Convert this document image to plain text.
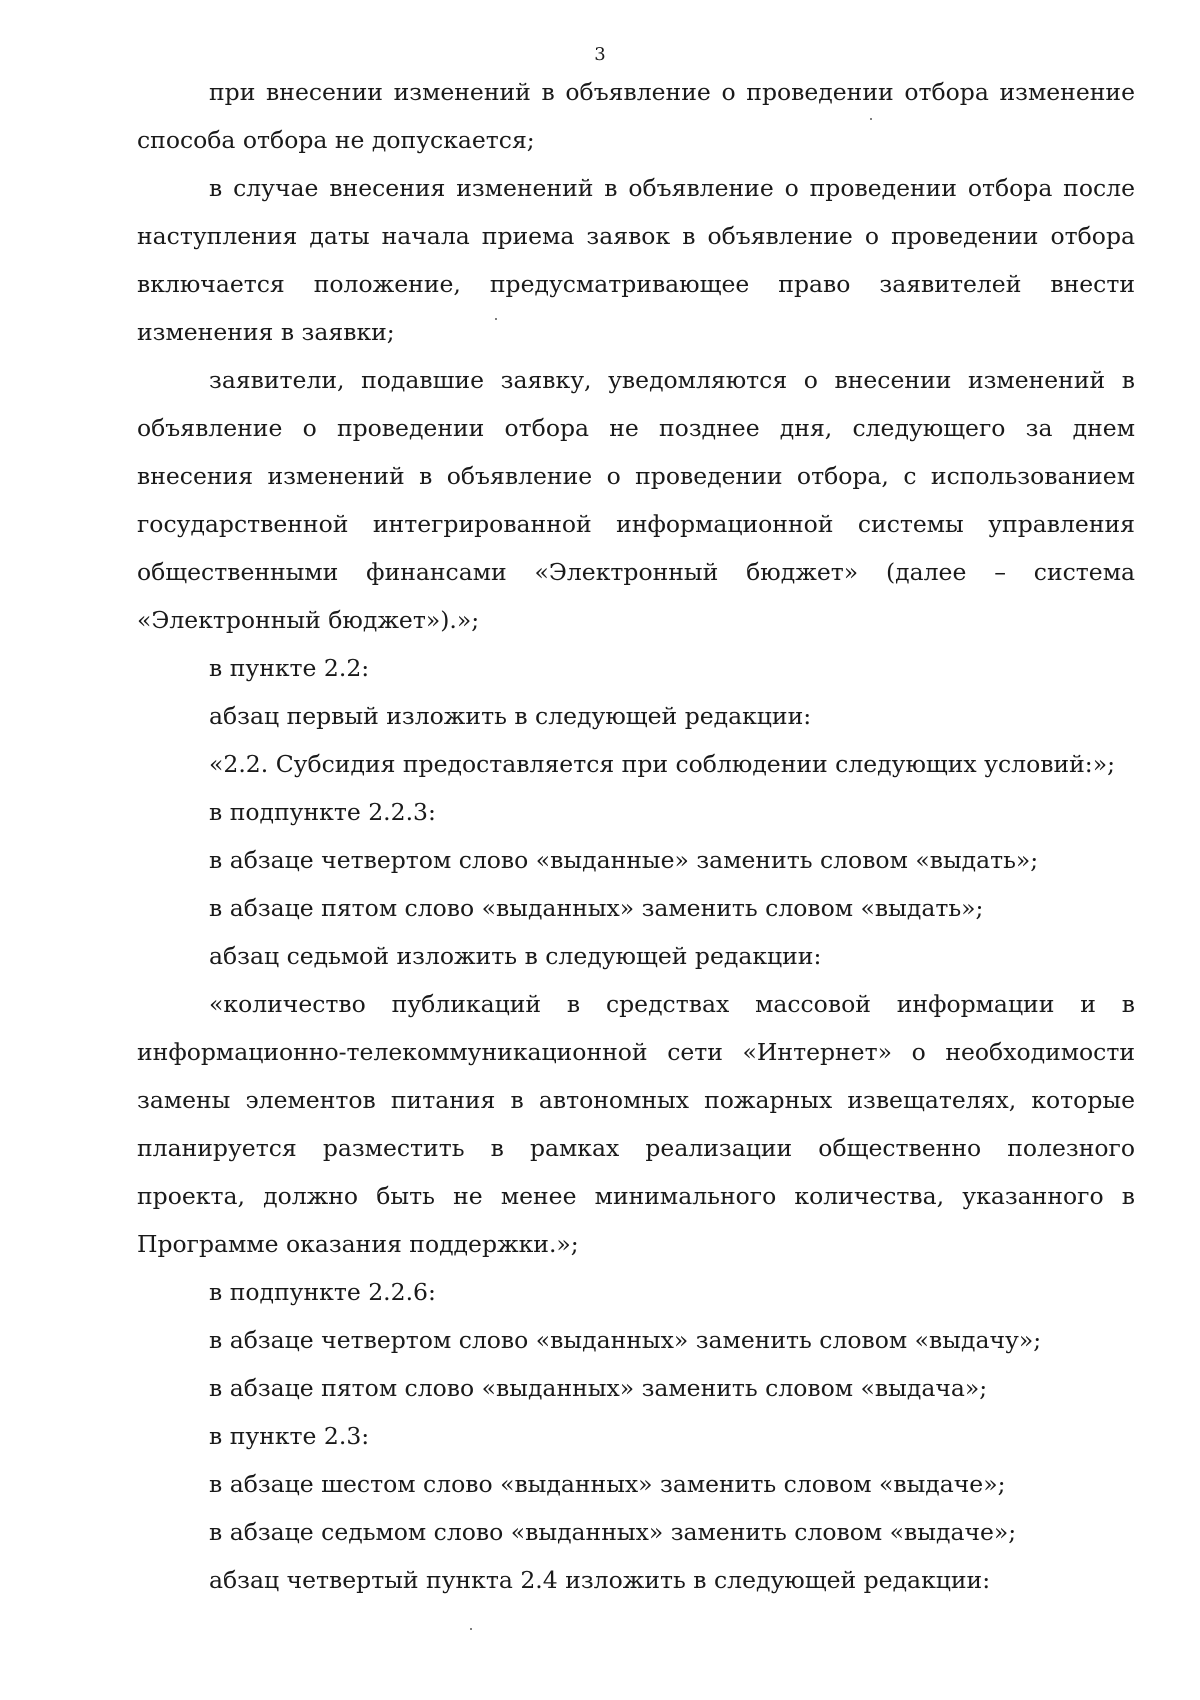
3

при внесении изменений в объявление о проведении отбора изменение способа отбора не допускается;

в случае внесения изменений в объявление о проведении отбора после наступления даты начала приема заявок в объявление о проведении отбора включается положение, предусматривающее право заявителей внести изменения в заявки;

заявители, подавшие заявку, уведомляются о внесении изменений в объявление о проведении отбора не позднее дня, следующего за днем внесения изменений в объявление о проведении отбора, с использованием государственной интегрированной информационной системы управления общественными финансами «Электронный бюджет» (далее – система «Электронный бюджет»).»;

в пункте 2.2:

абзац первый изложить в следующей редакции:

«2.2. Субсидия предоставляется при соблюдении следующих условий:»;

в подпункте 2.2.3:

в абзаце четвертом слово «выданные» заменить словом «выдать»;

в абзаце пятом слово «выданных» заменить словом «выдать»;

абзац седьмой изложить в следующей редакции:

«количество публикаций в средствах массовой информации и в информационно-телекоммуникационной сети «Интернет» о необходимости замены элементов питания в автономных пожарных извещателях, которые планируется разместить в рамках реализации общественно полезного проекта, должно быть не менее минимального количества, указанного в Программе оказания поддержки.»;

в подпункте 2.2.6:

в абзаце четвертом слово «выданных» заменить словом «выдачу»;

в абзаце пятом слово «выданных» заменить словом «выдача»;

в пункте 2.3:

в абзаце шестом слово «выданных» заменить словом «выдаче»;

в абзаце седьмом слово «выданных» заменить словом «выдаче»;

абзац четвертый пункта 2.4 изложить в следующей редакции:
